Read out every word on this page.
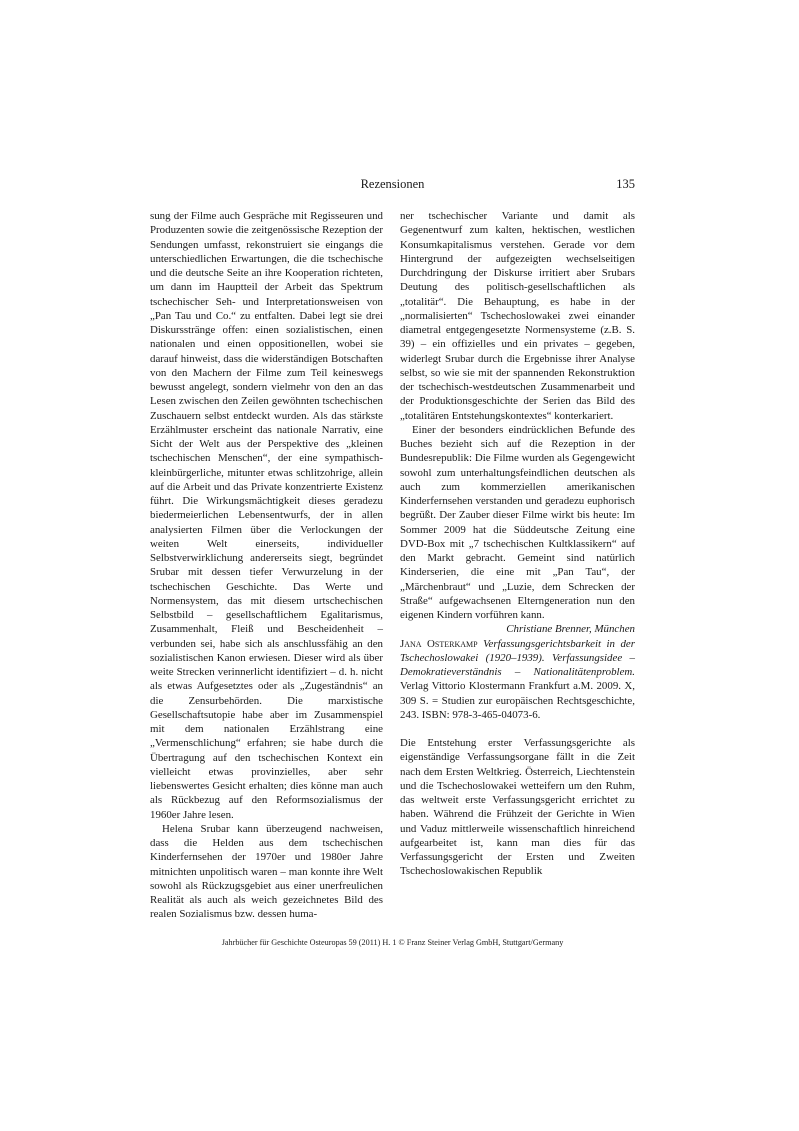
Rezensionen	135

sung der Filme auch Gespräche mit Regisseuren und Produzenten sowie die zeitgenössische Rezeption der Sendungen umfasst, rekonstruiert sie eingangs die unterschiedlichen Erwartungen, die die tschechische und die deutsche Seite an ihre Kooperation richteten, um dann im Hauptteil der Arbeit das Spektrum tschechischer Seh- und Interpretationsweisen von „Pan Tau und Co.“ zu entfalten. Dabei legt sie drei Diskursstränge offen: einen sozialistischen, einen nationalen und einen oppositionellen, wobei sie darauf hinweist, dass die widerständigen Botschaften von den Machern der Filme zum Teil keineswegs bewusst angelegt, sondern vielmehr von den an das Lesen zwischen den Zeilen gewöhnten tschechischen Zuschauern selbst entdeckt wurden. Als das stärkste Erzählmuster erscheint das nationale Narrativ, eine Sicht der Welt aus der Perspektive des „kleinen tschechischen Menschen“, der eine sympathisch-kleinbürgerliche, mitunter etwas schlitzohrige, allein auf die Arbeit und das Private konzentrierte Existenz führt. Die Wirkungsmächtigkeit dieses geradezu biedermeierlichen Lebensentwurfs, der in allen analysierten Filmen über die Verlockungen der weiten Welt einerseits, individueller Selbstverwirklichung andererseits siegt, begründet Srubar mit dessen tiefer Verwurzelung in der tschechischen Geschichte. Das Werte und Normensystem, das mit diesem urtschechischen Selbstbild – gesellschaftlichem Egalitarismus, Zusammenhalt, Fleiß und Bescheidenheit – verbunden sei, habe sich als anschlussfähig an den sozialistischen Kanon erwiesen. Dieser wird als über weite Strecken verinnerlicht identifiziert – d. h. nicht als etwas Aufgesetztes oder als „Zugeständnis“ an die Zensurbehörden. Die marxistische Gesellschaftsutopie habe aber im Zusammenspiel mit dem nationalen Erzählstrang eine „Vermenschlichung“ erfahren; sie habe durch die Übertragung auf den tschechischen Kontext ein vielleicht etwas provinzielles, aber sehr liebenswertes Gesicht erhalten; dies könne man auch als Rückbezug auf den Reformsozialismus der 1960er Jahre lesen.

Helena Srubar kann überzeugend nachweisen, dass die Helden aus dem tschechischen Kinderfernsehen der 1970er und 1980er Jahre mitnichten unpolitisch waren – man konnte ihre Welt sowohl als Rückzugsgebiet aus einer unerfreulichen Realität als auch als weich gezeichnetes Bild des realen Sozialismus bzw. dessen huma-

ner tschechischer Variante und damit als Gegenentwurf zum kalten, hektischen, westlichen Konsumkapitalismus verstehen. Gerade vor dem Hintergrund der aufgezeigten wechselseitigen Durchdringung der Diskurse irritiert aber Srubars Deutung des politisch-gesellschaftlichen als „totalitär“. Die Behauptung, es habe in der „normalisierten“ Tschechoslowakei zwei einander diametral entgegengesetzte Normensysteme (z.B. S. 39) – ein offizielles und ein privates – gegeben, widerlegt Srubar durch die Ergebnisse ihrer Analyse selbst, so wie sie mit der spannenden Rekonstruktion der tschechisch-westdeutschen Zusammenarbeit und der Produktionsgeschichte der Serien das Bild des „totalitären Entstehungskontextes“ konterkariert.

Einer der besonders eindrücklichen Befunde des Buches bezieht sich auf die Rezeption in der Bundesrepublik: Die Filme wurden als Gegengewicht sowohl zum unterhaltungsfeindlichen deutschen als auch zum kommerziellen amerikanischen Kinderfernsehen verstanden und geradezu euphorisch begrüßt. Der Zauber dieser Filme wirkt bis heute: Im Sommer 2009 hat die Süddeutsche Zeitung eine DVD-Box mit „7 tschechischen Kultklassikern“ auf den Markt gebracht. Gemeint sind natürlich Kinderserien, die eine mit „Pan Tau“, der „Märchenbraut“ und „Luzie, dem Schrecken der Straße“ aufgewachsenen Elterngeneration nun den eigenen Kindern vorführen kann.

Christiane Brenner, München

Jana Osterkamp Verfassungsgerichtsbarkeit in der Tschechoslowakei (1920–1939). Verfassungsidee – Demokratieverständnis – Nationalitätenproblem. Verlag Vittorio Klostermann Frankfurt a.M. 2009. X, 309 S. = Studien zur europäischen Rechtsgeschichte, 243. ISBN: 978-3-465-04073-6.

Die Entstehung erster Verfassungsgerichte als eigenständige Verfassungsorgane fällt in die Zeit nach dem Ersten Weltkrieg. Österreich, Liechtenstein und die Tschechoslowakei wetteifern um den Ruhm, das weltweit erste Verfassungsgericht errichtet zu haben. Während die Frühzeit der Gerichte in Wien und Vaduz mittlerweile wissenschaftlich hinreichend aufgearbeitet ist, kann man dies für das Verfassungsgericht der Ersten und Zweiten Tschechoslowakischen Republik

Jahrbücher für Geschichte Osteuropas 59 (2011) H. 1 © Franz Steiner Verlag GmbH, Stuttgart/Germany
